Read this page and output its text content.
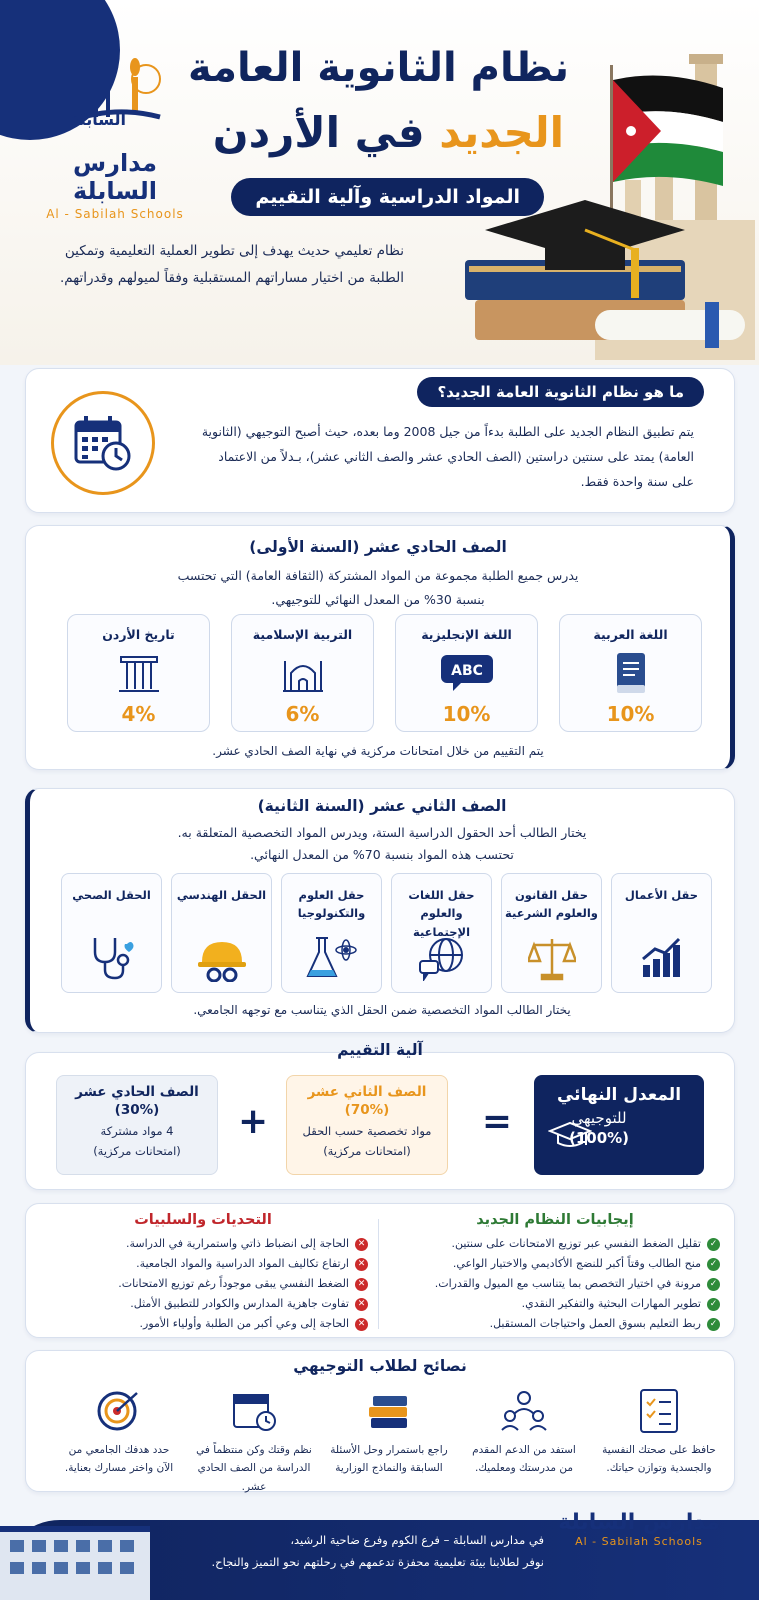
السابلة
مدارس السابلة
Al - Sabilah Schools
نظام الثانوية العامة
الجديد في الأردن
المواد الدراسية وآلية التقييم
نظام تعليمي حديث يهدف إلى تطوير العملية التعليمية وتمكين الطلبة من اختيار مساراتهم المستقبلية وفقاً لميولهم وقدراتهم.
ما هو نظام الثانوية العامة الجديد؟
يتم تطبيق النظام الجديد على الطلبة بدءاً من جيل 2008 وما بعده، حيث أصبح التوجيهي (الثانوية العامة) يمتد على سنتين دراستين (الصف الحادي عشر والصف الثاني عشر)، بـدلاً من الاعتماد على سنة واحدة فقط.
الصف الحادي عشر (السنة الأولى)
يدرس جميع الطلبة مجموعة من المواد المشتركة (الثقافة العامة) التي تحتسب بنسبة 30% من المعدل النهائي للتوجيهي.
اللغة العربية
10%
اللغة الإنجليزية
ABC
10%
التربية الإسلامية
6%
تاريخ الأردن
4%
يتم التقييم من خلال امتحانات مركزية في نهاية الصف الحادي عشر.
الصف الثاني عشر (السنة الثانية)
يختار الطالب أحد الحقول الدراسية الستة، ويدرس المواد التخصصية المتعلقة به.
تحتسب هذه المواد بنسبة 70% من المعدل النهائي.
حقل الأعمال
حقل القانون والعلوم الشرعية
حقل اللغات والعلوم الإجتماعية
حقل العلوم والتكنولوجيا
الحقل الهندسي
الحقل الصحي
يختار الطالب المواد التخصصية ضمن الحقل الذي يتناسب مع توجهه الجامعي.
آلية التقييم
المعدل النهائي
للتوجيهي
(100%)
=
الصف الثاني عشر
(70%)
مواد تخصصية حسب الحقل
(امتحانات مركزية)
+
الصف الحادي عشر
(30%)
4 مواد مشتركة
(امتحانات مركزية)
إيجابيات النظام الجديد
✓
تقليل الضغط النفسي عبر توزيع الامتحانات على سنتين.
✓
منح الطالب وقتاً أكبر للنضج الأكاديمي والاختيار الواعي.
✓
مرونة في اختيار التخصص بما يتناسب مع الميول والقدرات.
✓
تطوير المهارات البحثية والتفكير النقدي.
✓
ربط التعليم بسوق العمل واحتياجات المستقبل.
التحديات والسلبيات
✕
الحاجة إلى انضباط ذاتي واستمرارية في الدراسة.
✕
ارتفاع تكاليف المواد الدراسية والمواد الجامعية.
✕
الضغط النفسي يبقى موجوداً رغم توزيع الامتحانات.
✕
تفاوت جاهزية المدارس والكوادر للتطبيق الأمثل.
✕
الحاجة إلى وعي أكبر من الطلبة وأولياء الأمور.
نصائح لطلاب التوجيهي
حافظ على صحتك النفسية والجسدية وتوازن حياتك.
استفد من الدعم المقدم من مدرستك ومعلميك.
راجع باستمرار وحل الأسئلة السابقة والنماذج الوزارية
نظم وقتك وكن منتظماً في الدراسة من الصف الحادي عشر.
حدد هدفك الجامعي من الآن واختر مسارك بعناية.
في مدارس السابلة – فرع الكوم وفرع ضاحية الرشيد،
نوفر لطلابنا بيئة تعليمية محفزة تدعمهم في رحلتهم نحو التميز والنجاح.
مدارس السابلة
Al - Sabilah Schools
